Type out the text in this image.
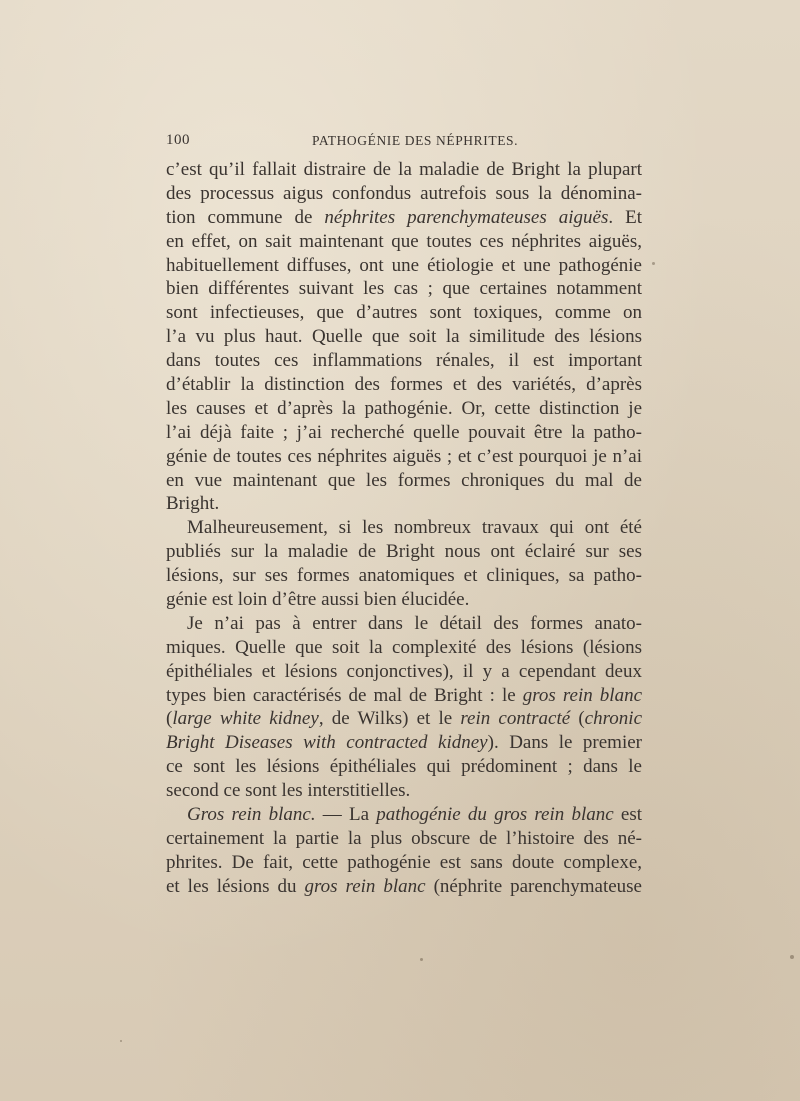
100	PATHOGÉNIE DES NÉPHRITES.
c’est qu’il fallait distraire de la maladie de Bright la plupart
des processus aigus confondus autrefois sous la dénomina-
tion commune de néphrites parenchymateuses aiguës. Et
en effet, on sait maintenant que toutes ces néphrites aiguës,
habituellement diffuses, ont une étiologie et une pathogénie
bien différentes suivant les cas ; que certaines notamment
sont infectieuses, que d’autres sont toxiques, comme on
l’a vu plus haut. Quelle que soit la similitude des lésions
dans toutes ces inflammations rénales, il est important
d’établir la distinction des formes et des variétés, d’après
les causes et d’après la pathogénie. Or, cette distinction je
l’ai déjà faite ; j’ai recherché quelle pouvait être la patho-
génie de toutes ces néphrites aiguës ; et c’est pourquoi je n’ai
en vue maintenant que les formes chroniques du mal de
Bright.
Malheureusement, si les nombreux travaux qui ont été
publiés sur la maladie de Bright nous ont éclairé sur ses
lésions, sur ses formes anatomiques et cliniques, sa patho-
génie est loin d’être aussi bien élucidée.
Je n’ai pas à entrer dans le détail des formes anato-
miques. Quelle que soit la complexité des lésions (lésions
épithéliales et lésions conjonctives), il y a cependant deux
types bien caractérisés de mal de Bright : le gros rein blanc
(large white kidney, de Wilks) et le rein contracté (chronic
Bright Diseases with contracted kidney). Dans le premier
ce sont les lésions épithéliales qui prédominent ; dans le
second ce sont les interstitielles.
Gros rein blanc. — La pathogénie du gros rein blanc est
certainement la partie la plus obscure de l’histoire des né-
phrites. De fait, cette pathogénie est sans doute complexe,
et les lésions du gros rein blanc (néphrite parenchymateuse
